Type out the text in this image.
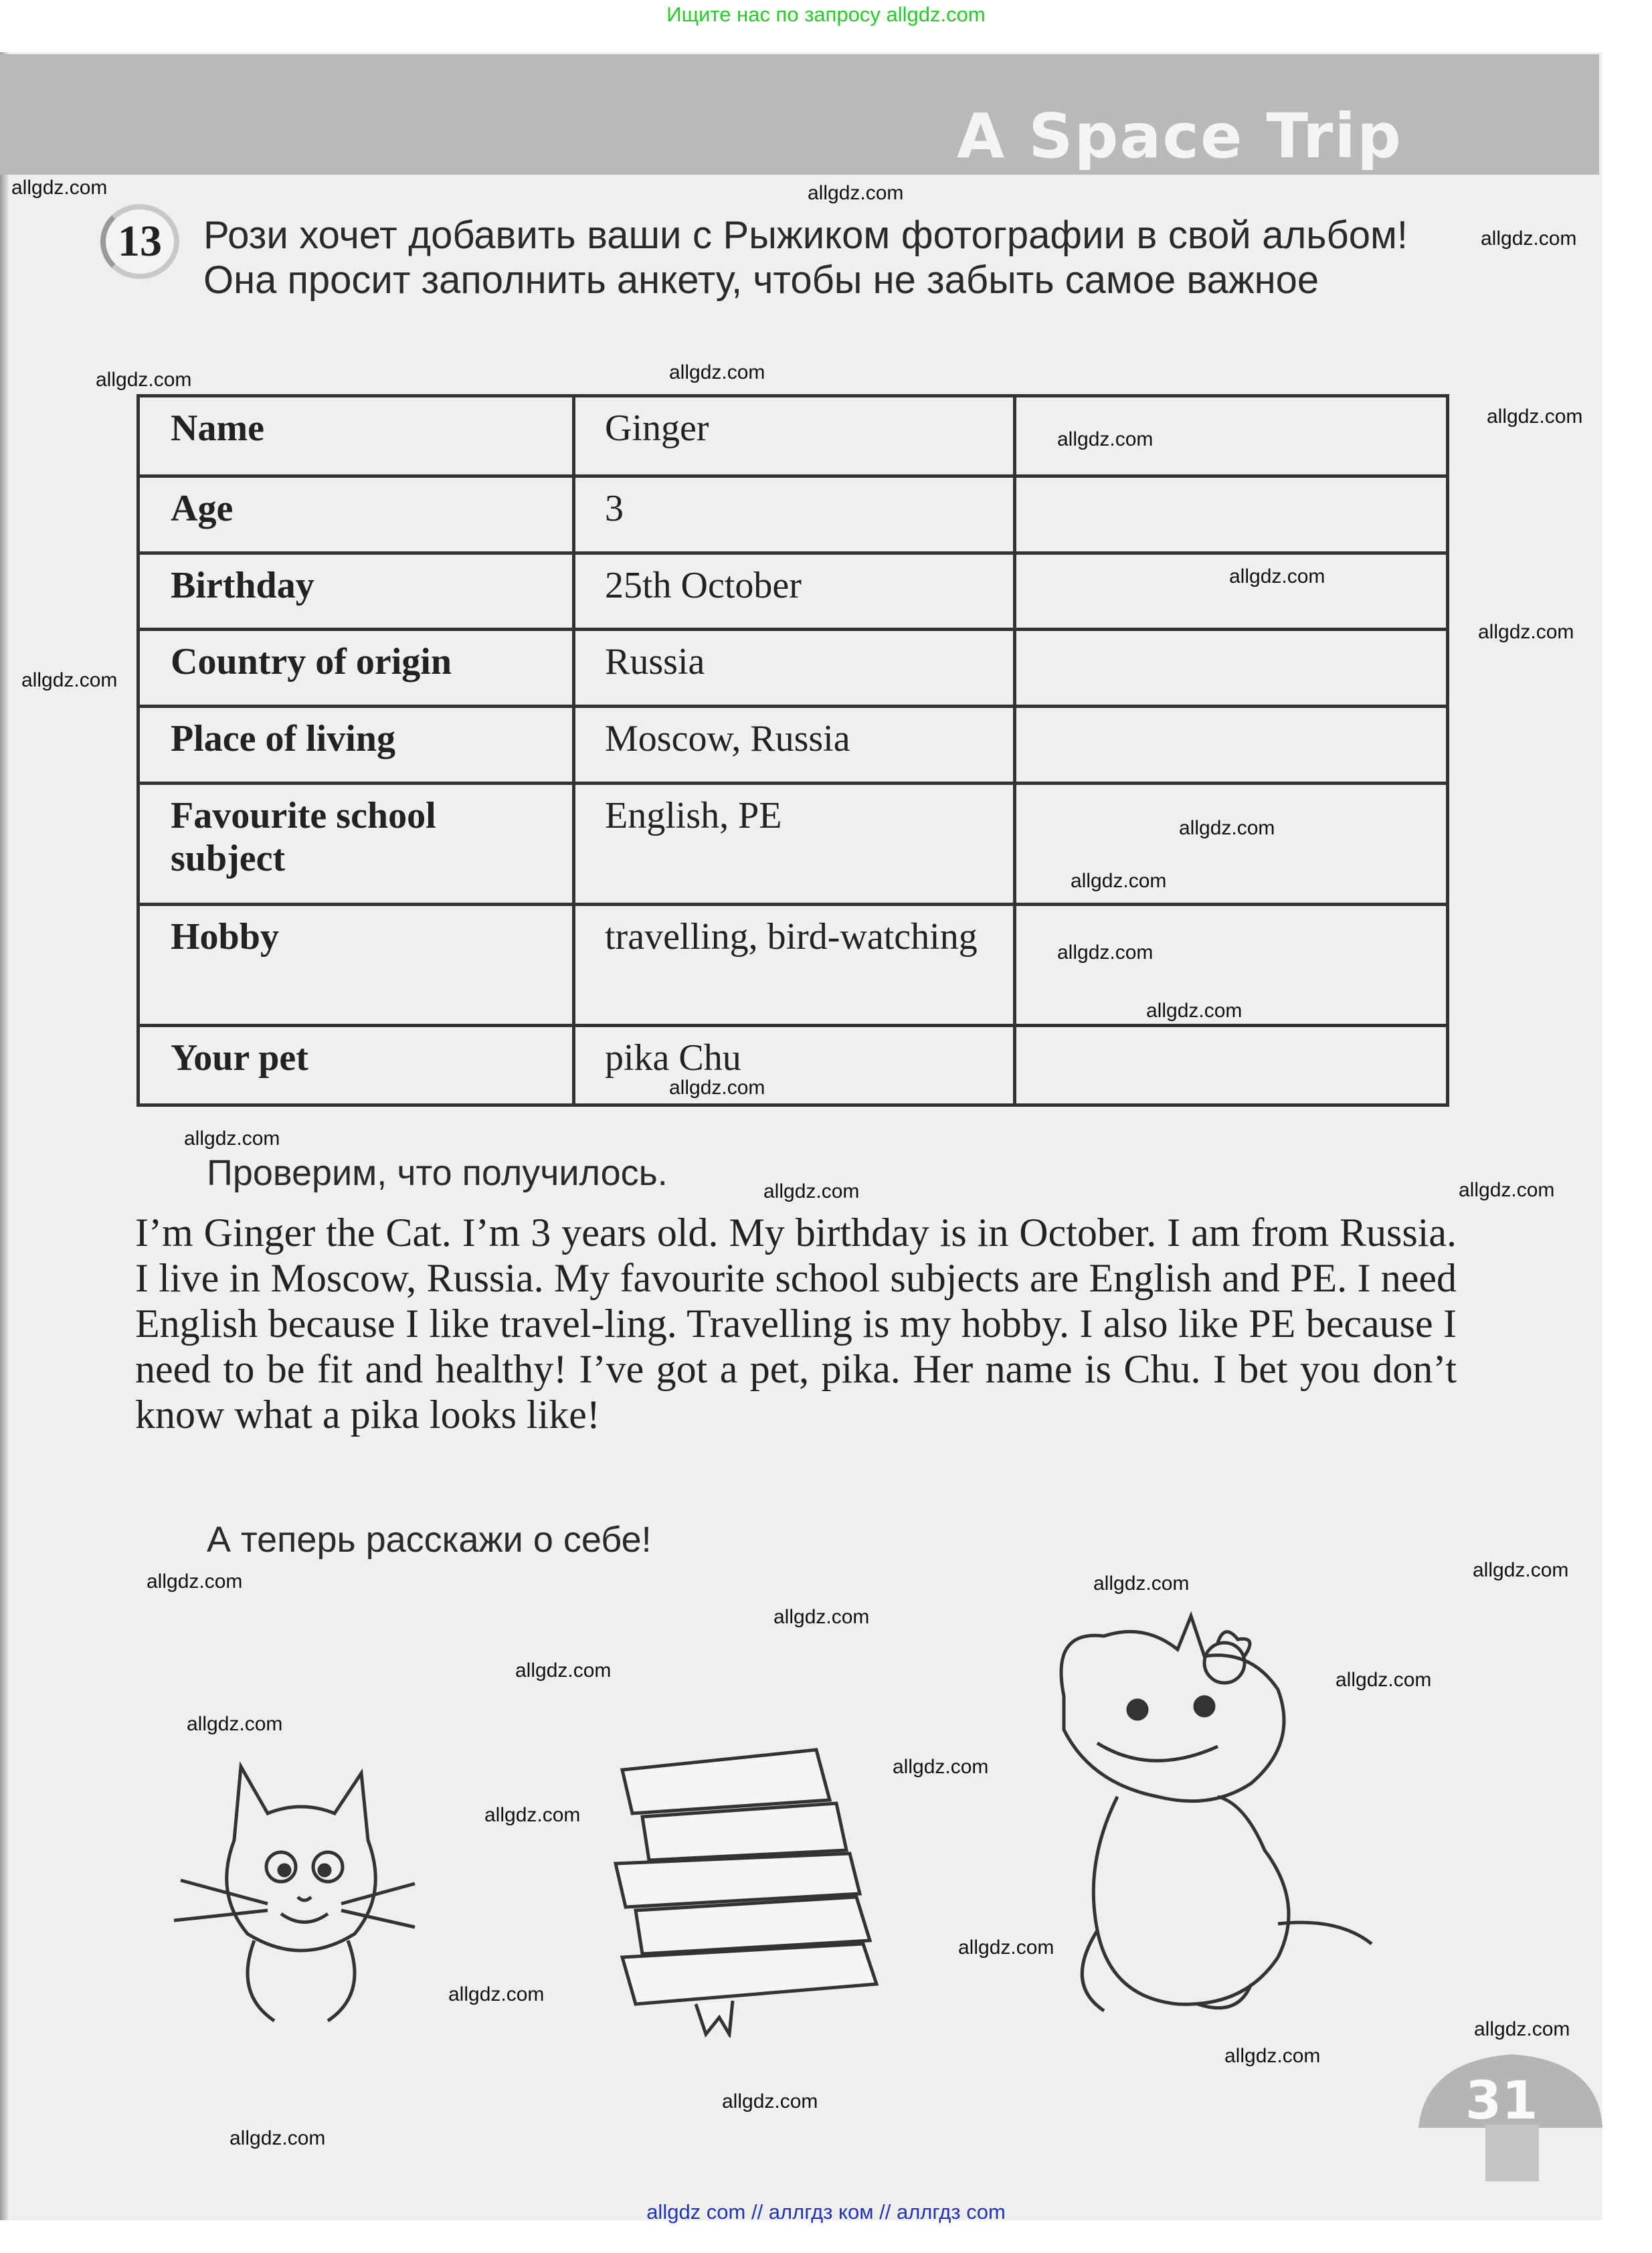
Ищите нас по запросу allgdz.com
A Space Trip
13	Рози хочет добавить ваши с Рыжиком фотографии в свой альбом! Она просит заполнить анкету, чтобы не забыть самое важное
Name	Ginger	
Age	3	
Birthday	25th October	
Country of origin	Russia	
Place of living	Moscow, Russia	
Favourite school subject	English, PE	
Hobby	travelling, bird-watching	
Your pet	pika Chu	
Проверим, что получилось.
I’m Ginger the Cat. I’m 3 years old. My birthday is in October. I am from Russia. I live in Moscow, Russia. My favourite school subjects are English and PE. I need English because I like travel-ling. Travelling is my hobby. I also like PE because I need to be fit and healthy! I’ve got a pet, pika. Her name is Chu. I bet you don’t know what a pika looks like!
А теперь расскажи о себе!
31
allgdz.com
allgdz.com
allgdz.com
allgdz.com
allgdz.com
allgdz.com
allgdz.com
allgdz.com
allgdz.com
allgdz.com
allgdz.com
allgdz.com
allgdz.com
allgdz.com
allgdz.com
allgdz.com
allgdz.com	allgdz.com
allgdz.com
allgdz.com
allgdz.com
allgdz.com
allgdz.com	allgdz.com
allgdz.com
allgdz.com
allgdz.com
allgdz.com
allgdz.com
allgdz.com
allgdz.com
allgdz.com
allgdz.com
allgdz com // аллгдз ком // аллгдз com
